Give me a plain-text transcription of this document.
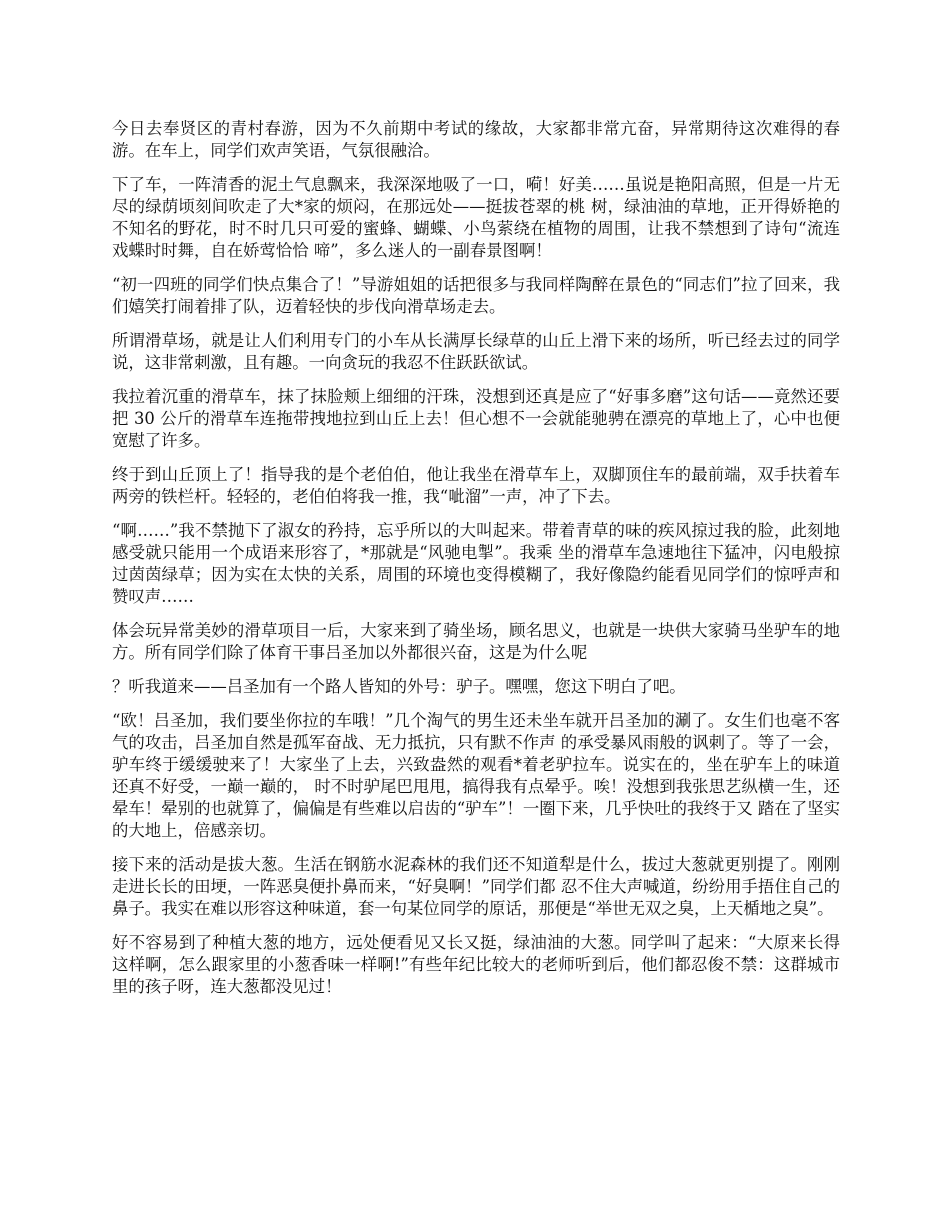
今日去奉贤区的青村春游，因为不久前期中考试的缘故，大家都非常亢奋，异常期待这次难得的春游。在车上，同学们欢声笑语，气氛很融洽。

下了车，一阵清香的泥土气息飘来，我深深地吸了一口，嗬！好美……虽说是艳阳高照，但是一片无尽的绿荫顷刻间吹走了大*家的烦闷，在那远处——挺拔苍翠的桃 树，绿油油的草地，正开得娇艳的不知名的野花，时不时几只可爱的蜜蜂、蝴蝶、小鸟萦绕在植物的周围，让我不禁想到了诗句“流连戏蝶时时舞，自在娇莺恰恰 啼”，多么迷人的一副春景图啊！

“初一四班的同学们快点集合了！”导游姐姐的话把很多与我同样陶醉在景色的“同志们”拉了回来，我们嬉笑打闹着排了队，迈着轻快的步伐向滑草场走去。

所谓滑草场，就是让人们利用专门的小车从长满厚长绿草的山丘上滑下来的场所，听已经去过的同学说，这非常刺激，且有趣。一向贪玩的我忍不住跃跃欲试。

我拉着沉重的滑草车，抹了抹脸颊上细细的汗珠，没想到还真是应了“好事多磨”这句话——竟然还要把 30 公斤的滑草车连拖带拽地拉到山丘上去！但心想不一会就能驰骋在漂亮的草地上了，心中也便宽慰了许多。

终于到山丘顶上了！指导我的是个老伯伯，他让我坐在滑草车上，双脚顶住车的最前端，双手扶着车两旁的铁栏杆。轻轻的，老伯伯将我一推，我“呲溜”一声，冲了下去。

“啊……”我不禁抛下了淑女的矜持，忘乎所以的大叫起来。带着青草的味的疾风掠过我的脸，此刻地感受就只能用一个成语来形容了，*那就是“风驰电掣”。我乘 坐的滑草车急速地往下猛冲，闪电般掠过茵茵绿草；因为实在太快的关系，周围的环境也变得模糊了，我好像隐约能看见同学们的惊呼声和赞叹声……

体会玩异常美妙的滑草项目一后，大家来到了骑坐场，顾名思义，也就是一块供大家骑马坐驴车的地方。所有同学们除了体育干事吕圣加以外都很兴奋，这是为什么呢

？听我道来——吕圣加有一个路人皆知的外号：驴子。嘿嘿，您这下明白了吧。

“欧！吕圣加，我们要坐你拉的车哦！”几个淘气的男生还未坐车就开吕圣加的涮了。女生们也毫不客气的攻击，吕圣加自然是孤军奋战、无力抵抗，只有默不作声 的承受暴风雨般的讽刺了。等了一会，驴车终于缓缓驶来了！大家坐了上去，兴致盎然的观看*着老驴拉车。说实在的，坐在驴车上的味道还真不好受，一巅一巅的， 时不时驴尾巴甩甩，搞得我有点晕乎。唉！没想到我张思艺纵横一生，还晕车！晕别的也就算了，偏偏是有些难以启齿的“驴车”！一圈下来，几乎快吐的我终于又 踏在了坚实的大地上，倍感亲切。

接下来的活动是拔大葱。生活在钢筋水泥森林的我们还不知道犁是什么，拔过大葱就更别提了。刚刚走进长长的田埂，一阵恶臭便扑鼻而来，“好臭啊！”同学们都 忍不住大声喊道，纷纷用手捂住自己的鼻子。我实在难以形容这种味道，套一句某位同学的原话，那便是“举世无双之臭，上天楯地之臭”。

好不容易到了种植大葱的地方，远处便看见又长又挺，绿油油的大葱。同学叫了起来：“大原来长得这样啊，怎么跟家里的小葱香味一样啊!”有些年纪比较大的老师听到后，他们都忍俊不禁：这群城市里的孩子呀，连大葱都没见过！
